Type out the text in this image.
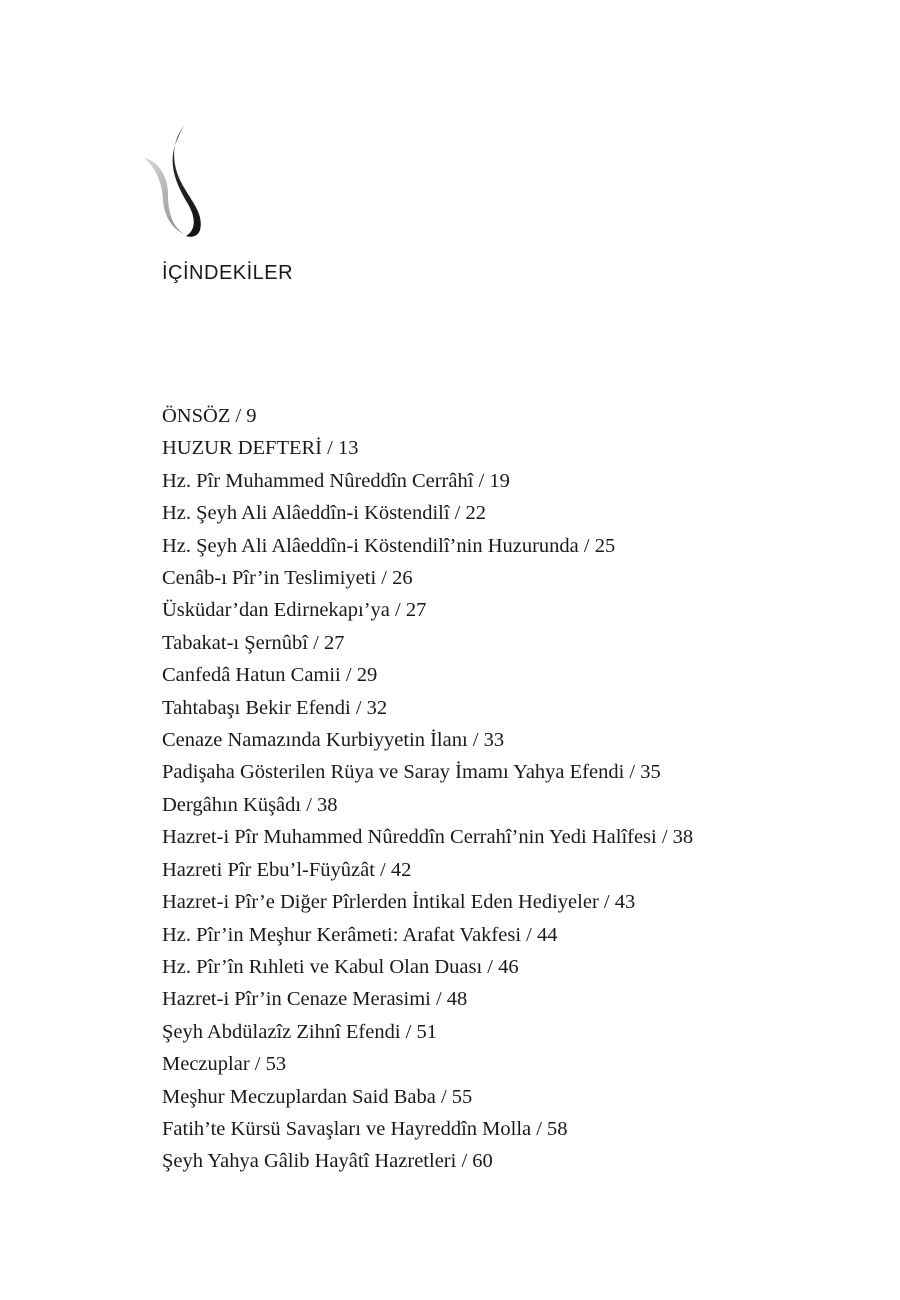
İÇİNDEKİLER
ÖNSÖZ / 9
HUZUR DEFTERİ / 13
Hz. Pîr Muhammed Nûreddîn Cerrâhî / 19
Hz. Şeyh Ali Alâeddîn-i Köstendilî / 22
Hz. Şeyh Ali Alâeddîn-i Köstendilî’nin Huzurunda / 25
Cenâb-ı Pîr’in Teslimiyeti / 26
Üsküdar’dan Edirnekapı’ya / 27
Tabakat-ı Şernûbî / 27
Canfedâ Hatun Camii / 29
Tahtabaşı Bekir Efendi / 32
Cenaze Namazında Kurbiyyetin İlanı / 33
Padişaha Gösterilen Rüya ve Saray İmamı Yahya Efendi / 35
Dergâhın Küşâdı / 38
Hazret-i Pîr Muhammed Nûreddîn Cerrahî’nin Yedi Halîfesi / 38
Hazreti Pîr Ebu’l-Füyûzât / 42
Hazret-i Pîr’e Diğer Pîrlerden İntikal Eden Hediyeler / 43
Hz. Pîr’in Meşhur Kerâmeti: Arafat Vakfesi / 44
Hz. Pîr’în Rıhleti ve Kabul Olan Duası / 46
Hazret-i Pîr’in Cenaze Merasimi / 48
Şeyh Abdülazîz Zihnî Efendi / 51
Meczuplar / 53
Meşhur Meczuplardan Said Baba / 55
Fatih’te Kürsü Savaşları ve Hayreddîn Molla / 58
Şeyh Yahya Gâlib Hayâtî Hazretleri / 60
